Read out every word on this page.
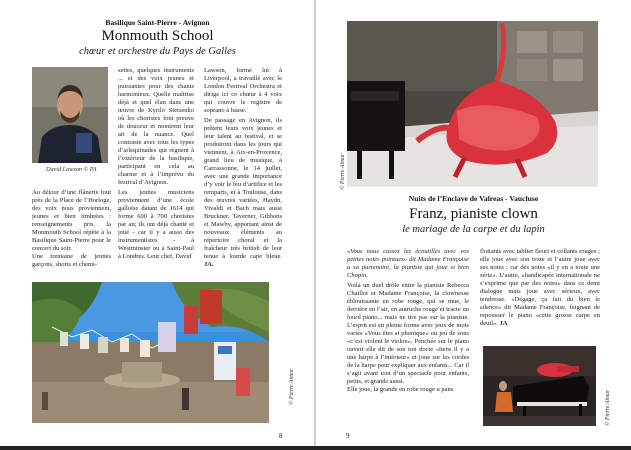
Basilique Saint-Pierre - Avignon
Monmouth School
chœur et orchestre du Pays de Galles
David Lawson © PA
Au détour d’une flânerie tout près de la Place de l’Horloge, des voix nous proviennent, jeunes et bien timbrées : renseignements pris, la Monmouth School répète à la Basilique Saint-Pierre pour le concert du soir.
Une trentaine de jeunes garçons, shorts et chemi-
settes, quelques instruments ... et des voix jeunes et puissantes pour des chants harmonieux. Quelle maîtrise déjà et quel élan dans une œuvre de Kyrilo Stetsenko où les choristes font preuve de douceur et montrent leur art de la nuance. Quel contraste avec tous les types d’arlequinades qui règnent à l’extérieur de la basilique, participant en cela au charme et à l’imprévu du festival d’Avignon.
Les jeunes musiciens proviennent d’une école galloise datant de 1614 qui forme 600 à 700 choristes par an; ils ont déjà chanté et joué - car il y a aussi des instrumentistes - à Westminster ou à Saint-Paul à Londres. Leur chef, David
Lawson, formé lui à Liverpool, a travaillé avec le London Festival Orchestra et dirige ici ce chœur à 4 voix qui couvre le registre de soprano à basse.
De passage en Avignon, ils prêtent leurs voix jeunes et leur talent au festival, et se produiront dans les jours qui viennent, à Aix-en-Provence, grand lieu de musique, à Carcassonne, le 14 juillet, avec une grande importance d’y voir le feu d’artifice et les remparts, et à Toulouse, dans des œuvres variées, Haydn, Vivaldi et Bach mais aussi Bruckner, Taverner, Gibbons et Mawby, apportant ainsi de nouveaux éléments au répertoire choral et la fraîcheur très british de leur tenue à lourde cape bleue. JA.
© Pierre Aimar
8
© Pierre Aimar
Nuits de l’Enclave de Valreas - Vaucluse
Franz, pianiste clown
le mariage de la carpe et du lapin
«Vous nous cassez les écoutilles avec vos petites notes pointues» dit Madame Françoise u sa partenaire, la pianiste qui joue si bien Chopin.
Voilà un duel drôle entre la pianiste Rebecca Chaillot et Madame Françoise, la clownesse éblouissante en robe rouge, qui se mue, le derrière en l’air, en autruche rouge et tracte un lourd piano... mais ne tire pas sur la pianiste. L’esprit est en pleine forme avec jeux de mots variés «Vous êtes si phonique» ou jeu de sons «c’est violent le violon». Penchée sur le piano ouvert elle dit de son ton docte «tiens il y a une harpe à l’intérieur» et joue sur les cordes de la harpe pour expliquer aux enfants... Car il s’agit avant tout d’un spectacle pour enfants, petits, et grands aussi.
Elle joue, la grande en robe rouge u pans
flottants avec tablier fleuri et collants rouges ; elle joue avec son texte et l’autre joue avec ses notes ; car des notes «il y en a toute une série». L’autre, «handicapée internationale ne s’exprime que par des notes» dans ce demi dialogue mais joue avec sérieux, avec tendresse. «Dégage, ça fait du bien le silence» dit Madame Françoise, feignant de repousser le piano «cette grosse carpe en deuil». JA
© Pierre Aimar
9
